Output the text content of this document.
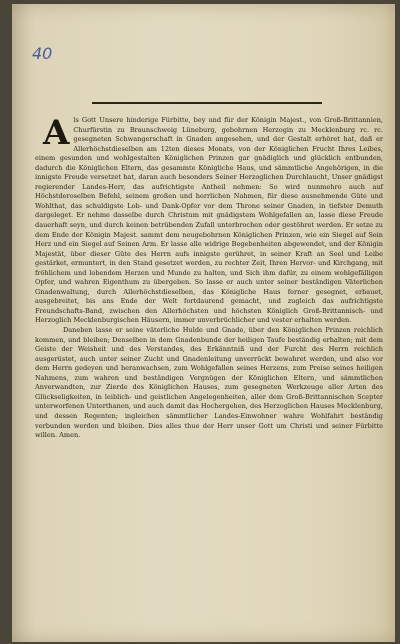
40

A ls Gott Unsere hinderige Fürbitte, bey und für der Königin Majest., von Groß-Brittannien, Churfürstin zu Braunschweig Lüneburg, gebohrnen Herzogin zu Mecklenburg rc. rc. gesegneten Schwangerschaft in Gnaden angesehen, und der Gestalt erhöret hat, daß er Allerhöchstdieselben am 12ten dieses Monats, von der Königlichen Frucht Ihres Leibes, einem gesunden und wohlgestalten Königlichen Prinzen gar gnädiglich und glücklich entbunden, dadurch die Königlichen Eltern, das gesammte Königliche Haus, und sämmtliche Angehörigen, in die innigste Freude versetzet hat, daran auch besonders Seiner Herzoglichen Durchlaucht, Unser gnädigst regierender Landes-Herr, das aufrichtigste Antheil nehmen: So wird nunmehro auch auf Höchstderoselben Befehl, seinem großen und herrlichen Nahmen, für diese ausnehmende Güte und Wohlthat, das schuldigste Lob- und Dank-Opfer vor dem Throne seiner Gnaden, in tiefster Demuth dargeleget. Er nehme dasselbe durch Christum mit gnädigstem Wohlgefallen an, lasse diese Freude dauerhaft seyn, und durch keinen betrübenden Zufall unterbrochen oder gestöhret werden. Er setze zu dem Ende der Königin Majest. sammt dem neugebohrnen Königlichen Prinzen, wie ein Siegel auf Sein Herz und ein Siegel auf Seinen Arm. Er lasse alle widrige Begebenheiten abgewendet, und der Königin Majestät, über dieser Güte des Herrn aufs innigste gerühret, in seiner Kraft an Seel und Leibe gestärket, ermuntert, in den Stand gesetzet werden, zu rechter Zeit, Ihren Hervor- und Kirchgang, mit fröhlichem und lobendem Herzen und Munde zu halten, und Sich ihm dafür, zu einem wohlgefälligen Opfer, und wahren Eigenthum zu übergeben. So lasse er auch unter seiner beständigen Väterlichen Gnadenwaltung, durch Allerhöchstdieselben, das Königliche Haus ferner gesegnet, erbauet, ausgebreitet, bis ans Ende der Welt fortdaurend gemacht, und zugleich das aufrichtigste Freundschafts-Band, zwischen den Allerhöchsten und höchsten Königlich Groß-Brittannisch- und Herzoglich Mecklenburgischen Häusern, immer unverbrüchlicher und vester erhalten werden.

Daneben lasse er seine väterliche Hulde und Gnade, über den Königlichen Prinzen reichlich kommen, und bleiben; Denselben in dem Gnadenbunde der heiligen Taufe beständig erhalten; mit dem Geiste der Weisheit und des Verstandes, des Erkänntniß und der Furcht des Herrn reichlich ausgerüstet, auch unter seiner Zucht und Gnadenleitung unverrückt bewahret werden, und also vor dem Herrn gedeyen und heranwachsen, zum Wohlgefallen seines Herzens, zum Preise seines heiligen Nahmens, zum wahren und beständigen Vergnügen der Königlichen Eltern, und sämmtlichen Anverwandten, zur Zierde des Königlichen Hauses, zum gesegneten Werkzeuge aller Arten des Glückseligkeiten, in leiblich- und geistlichen Angelegenheiten, aller dem Groß-Brittannischen Scepter unterworfenen Unterthanen, und auch damit das Hochergehen, des Herzoglichen Hauses Mecklenburg, und dessen Regenten; ingleichen sämmtlicher Landes-Einwohner wahre Wohlfahrt beständig verbunden werden und bleiben. Dies alles thue der Herr unser Gott um Christi und seiner Fürbitte willen. Amen.
